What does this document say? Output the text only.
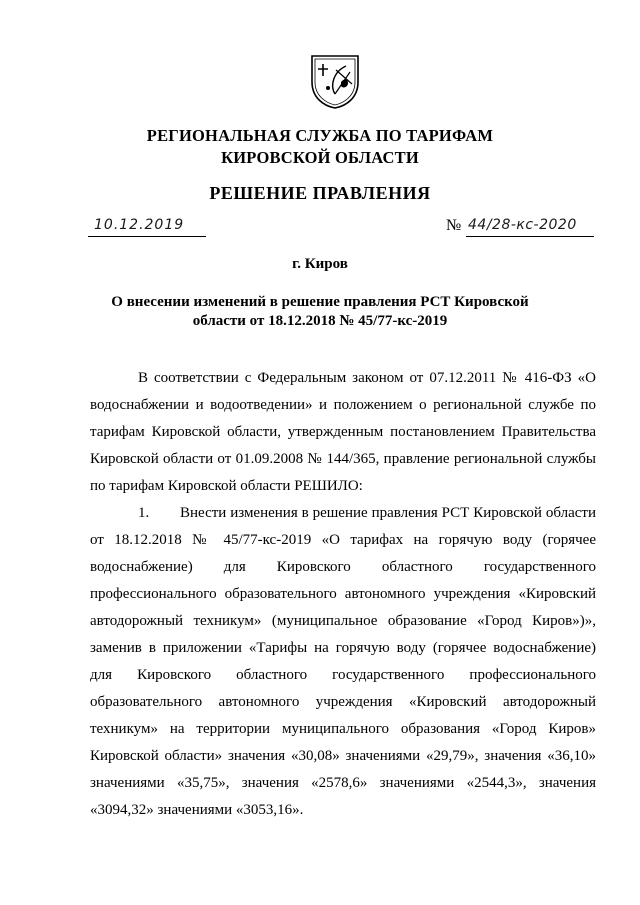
РЕГИОНАЛЬНАЯ СЛУЖБА ПО ТАРИФАМ
КИРОВСКОЙ ОБЛАСТИ
РЕШЕНИЕ ПРАВЛЕНИЯ
10.12.2019	№ 44/28-кс-2020
г. Киров
О внесении изменений в решение правления РСТ Кировской
области от 18.12.2018 № 45/77-кс-2019

В соответствии с Федеральным законом от 07.12.2011 № 416-ФЗ «О водоснабжении и водоотведении» и положением о региональной службе по тарифам Кировской области, утвержденным постановлением Правительства Кировской области от 01.09.2008 № 144/365, правление региональной службы по тарифам Кировской области РЕШИЛО:

1. Внести изменения в решение правления РСТ Кировской области от 18.12.2018 № 45/77-кс-2019 «О тарифах на горячую воду (горячее водоснабжение) для Кировского областного государственного профессионального образовательного автономного учреждения «Кировский автодорожный техникум» (муниципальное образование «Город Киров»)», заменив в приложении «Тарифы на горячую воду (горячее водоснабжение) для Кировского областного государственного профессионального образовательного автономного учреждения «Кировский автодорожный техникум» на территории муниципального образования «Город Киров» Кировской области» значения «30,08» значениями «29,79», значения «36,10» значениями «35,75», значения «2578,6» значениями «2544,3», значения «3094,32» значениями «3053,16».
